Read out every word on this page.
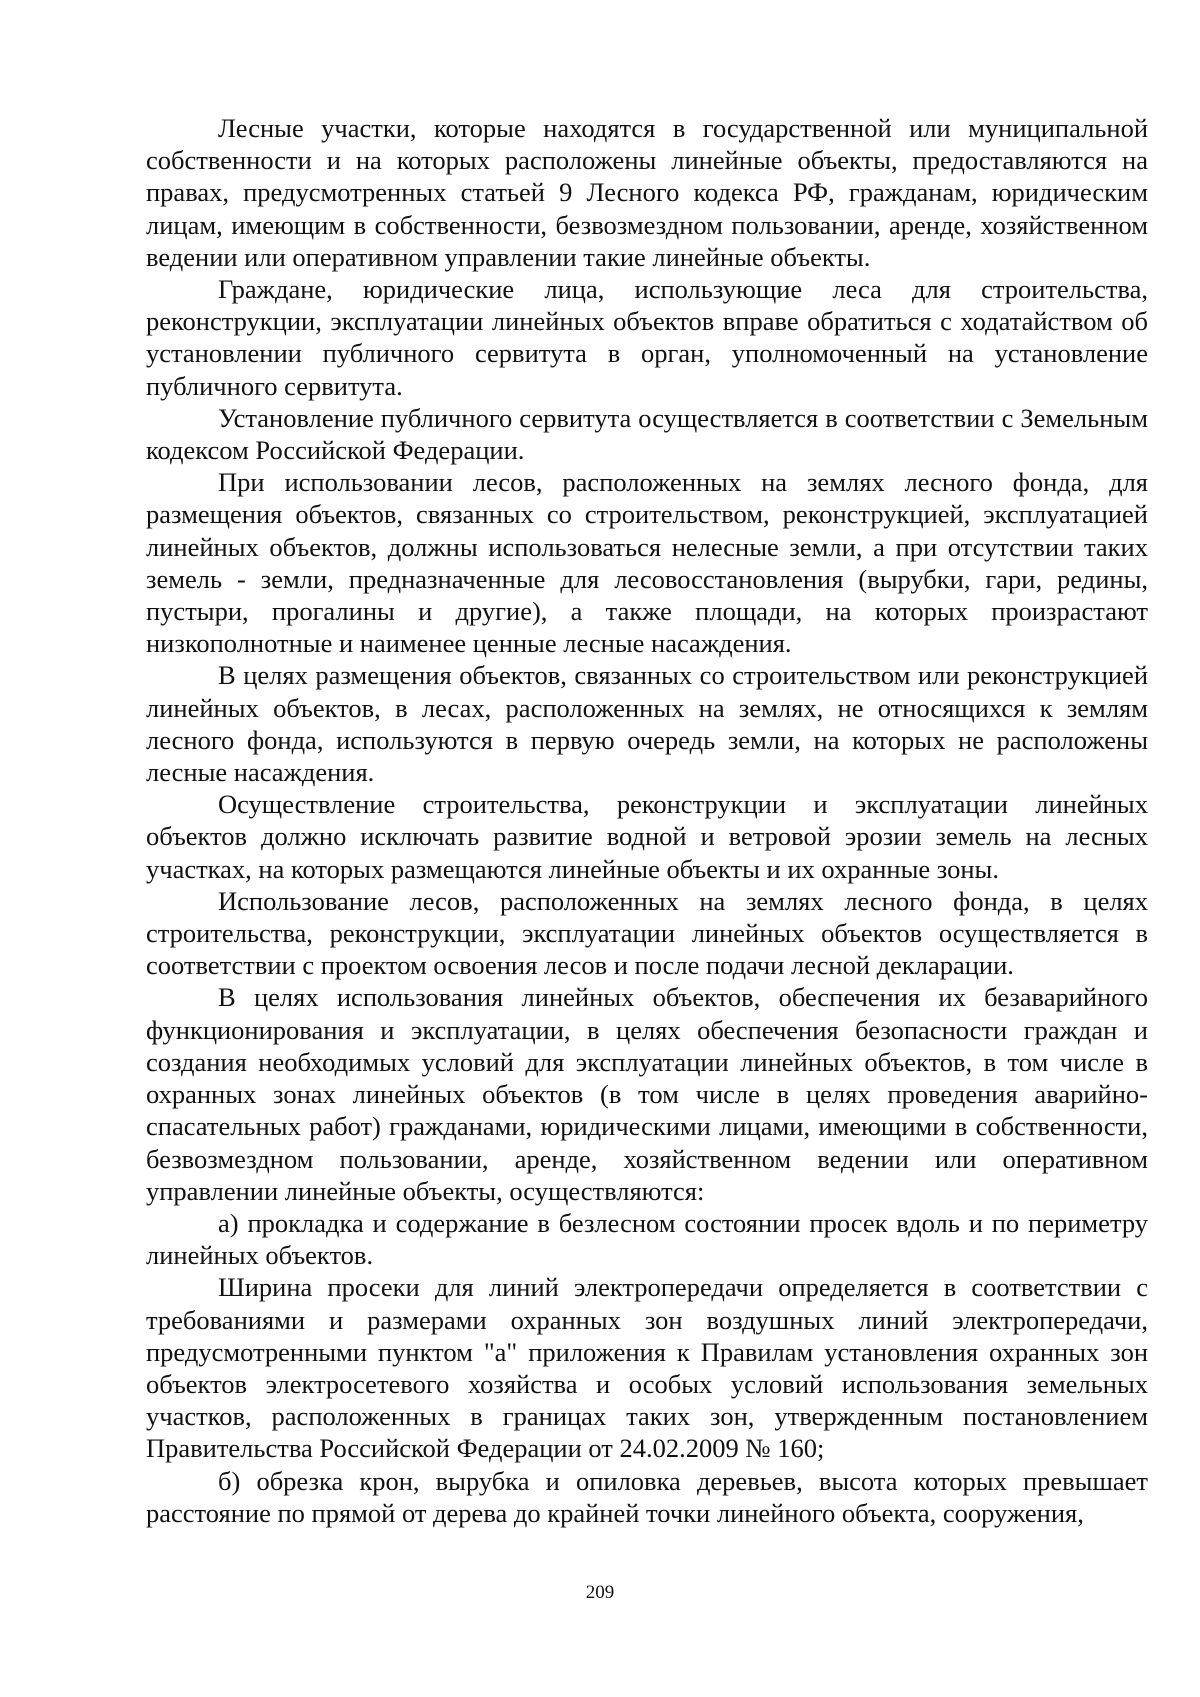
Лесные участки, которые находятся в государственной или муниципальной собственности и на которых расположены линейные объекты, предоставляются на правах, предусмотренных статьей 9 Лесного кодекса РФ, гражданам, юридическим лицам, имеющим в собственности, безвозмездном пользовании, аренде, хозяйственном ведении или оперативном управлении такие линейные объекты.

Граждане, юридические лица, использующие леса для строительства, реконструкции, эксплуатации линейных объектов вправе обратиться с ходатайством об установлении публичного сервитута в орган, уполномоченный на установление публичного сервитута.

Установление публичного сервитута осуществляется в соответствии с Земельным кодексом Российской Федерации.

При использовании лесов, расположенных на землях лесного фонда, для размещения объектов, связанных со строительством, реконструкцией, эксплуатацией линейных объектов, должны использоваться нелесные земли, а при отсутствии таких земель - земли, предназначенные для лесовосстановления (вырубки, гари, редины, пустыри, прогалины и другие), а также площади, на которых произрастают низкополнотные и наименее ценные лесные насаждения.

В целях размещения объектов, связанных со строительством или реконструкцией линейных объектов, в лесах, расположенных на землях, не относящихся к землям лесного фонда, используются в первую очередь земли, на которых не расположены лесные насаждения.

Осуществление строительства, реконструкции и эксплуатации линейных объектов должно исключать развитие водной и ветровой эрозии земель на лесных участках, на которых размещаются линейные объекты и их охранные зоны.

Использование лесов, расположенных на землях лесного фонда, в целях строительства, реконструкции, эксплуатации линейных объектов осуществляется в соответствии с проектом освоения лесов и после подачи лесной декларации.

В целях использования линейных объектов, обеспечения их безаварийного функционирования и эксплуатации, в целях обеспечения безопасности граждан и создания необходимых условий для эксплуатации линейных объектов, в том числе в охранных зонах линейных объектов (в том числе в целях проведения аварийно-спасательных работ) гражданами, юридическими лицами, имеющими в собственности, безвозмездном пользовании, аренде, хозяйственном ведении или оперативном управлении линейные объекты, осуществляются:

а) прокладка и содержание в безлесном состоянии просек вдоль и по периметру линейных объектов.

Ширина просеки для линий электропередачи определяется в соответствии с требованиями и размерами охранных зон воздушных линий электропередачи, предусмотренными пунктом "а" приложения к Правилам установления охранных зон объектов электросетевого хозяйства и особых условий использования земельных участков, расположенных в границах таких зон, утвержденным постановлением Правительства Российской Федерации от 24.02.2009 № 160;

б) обрезка крон, вырубка и опиловка деревьев, высота которых превышает расстояние по прямой от дерева до крайней точки линейного объекта, сооружения,

209
